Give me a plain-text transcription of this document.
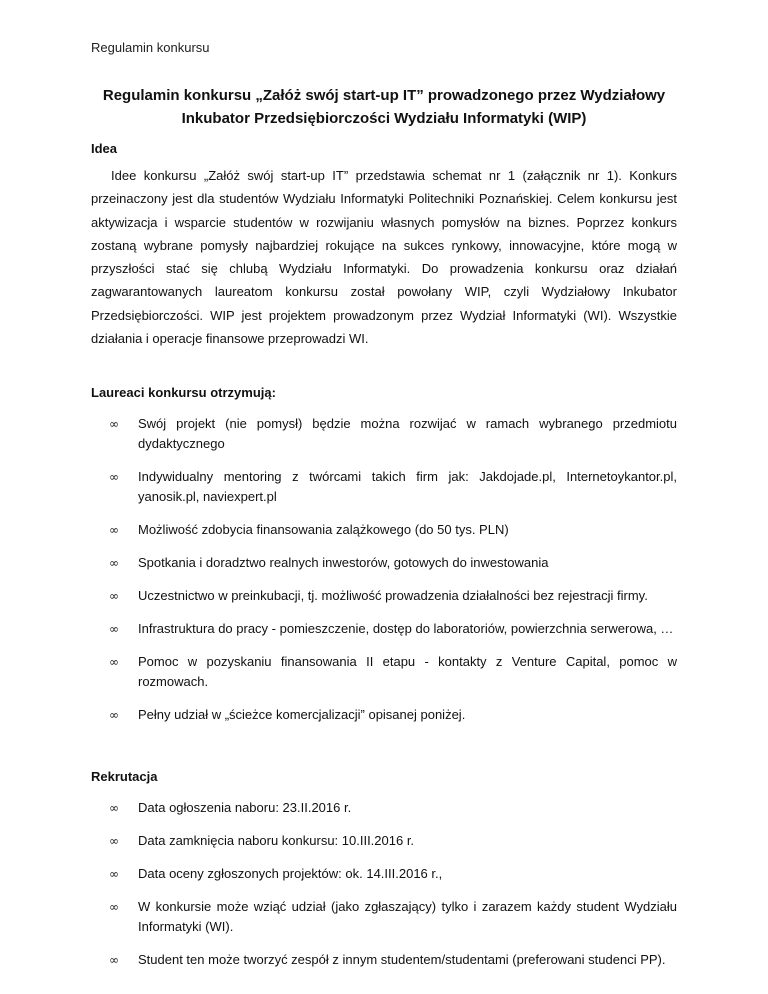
Regulamin konkursu
Regulamin konkursu „Załóż swój start-up IT” prowadzonego przez Wydziałowy Inkubator Przedsiębiorczości Wydziału Informatyki (WIP)
Idea

Idee konkursu „Załóż swój start-up IT” przedstawia schemat nr 1 (załącznik nr 1). Konkurs przeinaczony jest dla studentów Wydziału Informatyki Politechniki Poznańskiej. Celem konkursu jest aktywizacja i wsparcie studentów w rozwijaniu własnych pomysłów na biznes. Poprzez konkurs zostaną wybrane pomysły najbardziej rokujące na sukces rynkowy, innowacyjne, które mogą w przyszłości stać się chlubą Wydziału Informatyki. Do prowadzenia konkursu oraz działań zagwarantowanych laureatom konkursu został powołany WIP, czyli Wydziałowy Inkubator Przedsiębiorczości. WIP jest projektem prowadzonym przez Wydział Informatyki (WI). Wszystkie działania i operacje finansowe przeprowadzi WI.

Laureaci konkursu otrzymują:
∞ Swój projekt (nie pomysł) będzie można rozwijać w ramach wybranego przedmiotu dydaktycznego
∞ Indywidualny mentoring z twórcami takich firm jak: Jakdojade.pl, Internetoykantor.pl, yanosik.pl, naviexpert.pl
∞ Możliwość zdobycia finansowania zalążkowego (do 50 tys. PLN)
∞ Spotkania i doradztwo realnych inwestorów, gotowych do inwestowania
∞ Uczestnictwo w preinkubacji, tj. możliwość prowadzenia działalności bez rejestracji firmy.
∞ Infrastruktura do pracy - pomieszczenie, dostęp do laboratoriów, powierzchnia serwerowa, …
∞ Pomoc w pozyskaniu finansowania II etapu - kontakty z Venture Capital, pomoc w rozmowach.
∞ Pełny udział w „ścieżce komercjalizacji” opisanej poniżej.
Rekrutacja
∞ Data ogłoszenia naboru: 23.II.2016 r.
∞ Data zamknięcia naboru konkursu: 10.III.2016 r.
∞ Data oceny zgłoszonych projektów: ok. 14.III.2016 r.,
∞ W konkursie może wziąć udział (jako zgłaszający) tylko i zarazem każdy student Wydziału Informatyki (WI).
∞ Student ten może tworzyć zespół z innym studentem/studentami (preferowani studenci PP).
